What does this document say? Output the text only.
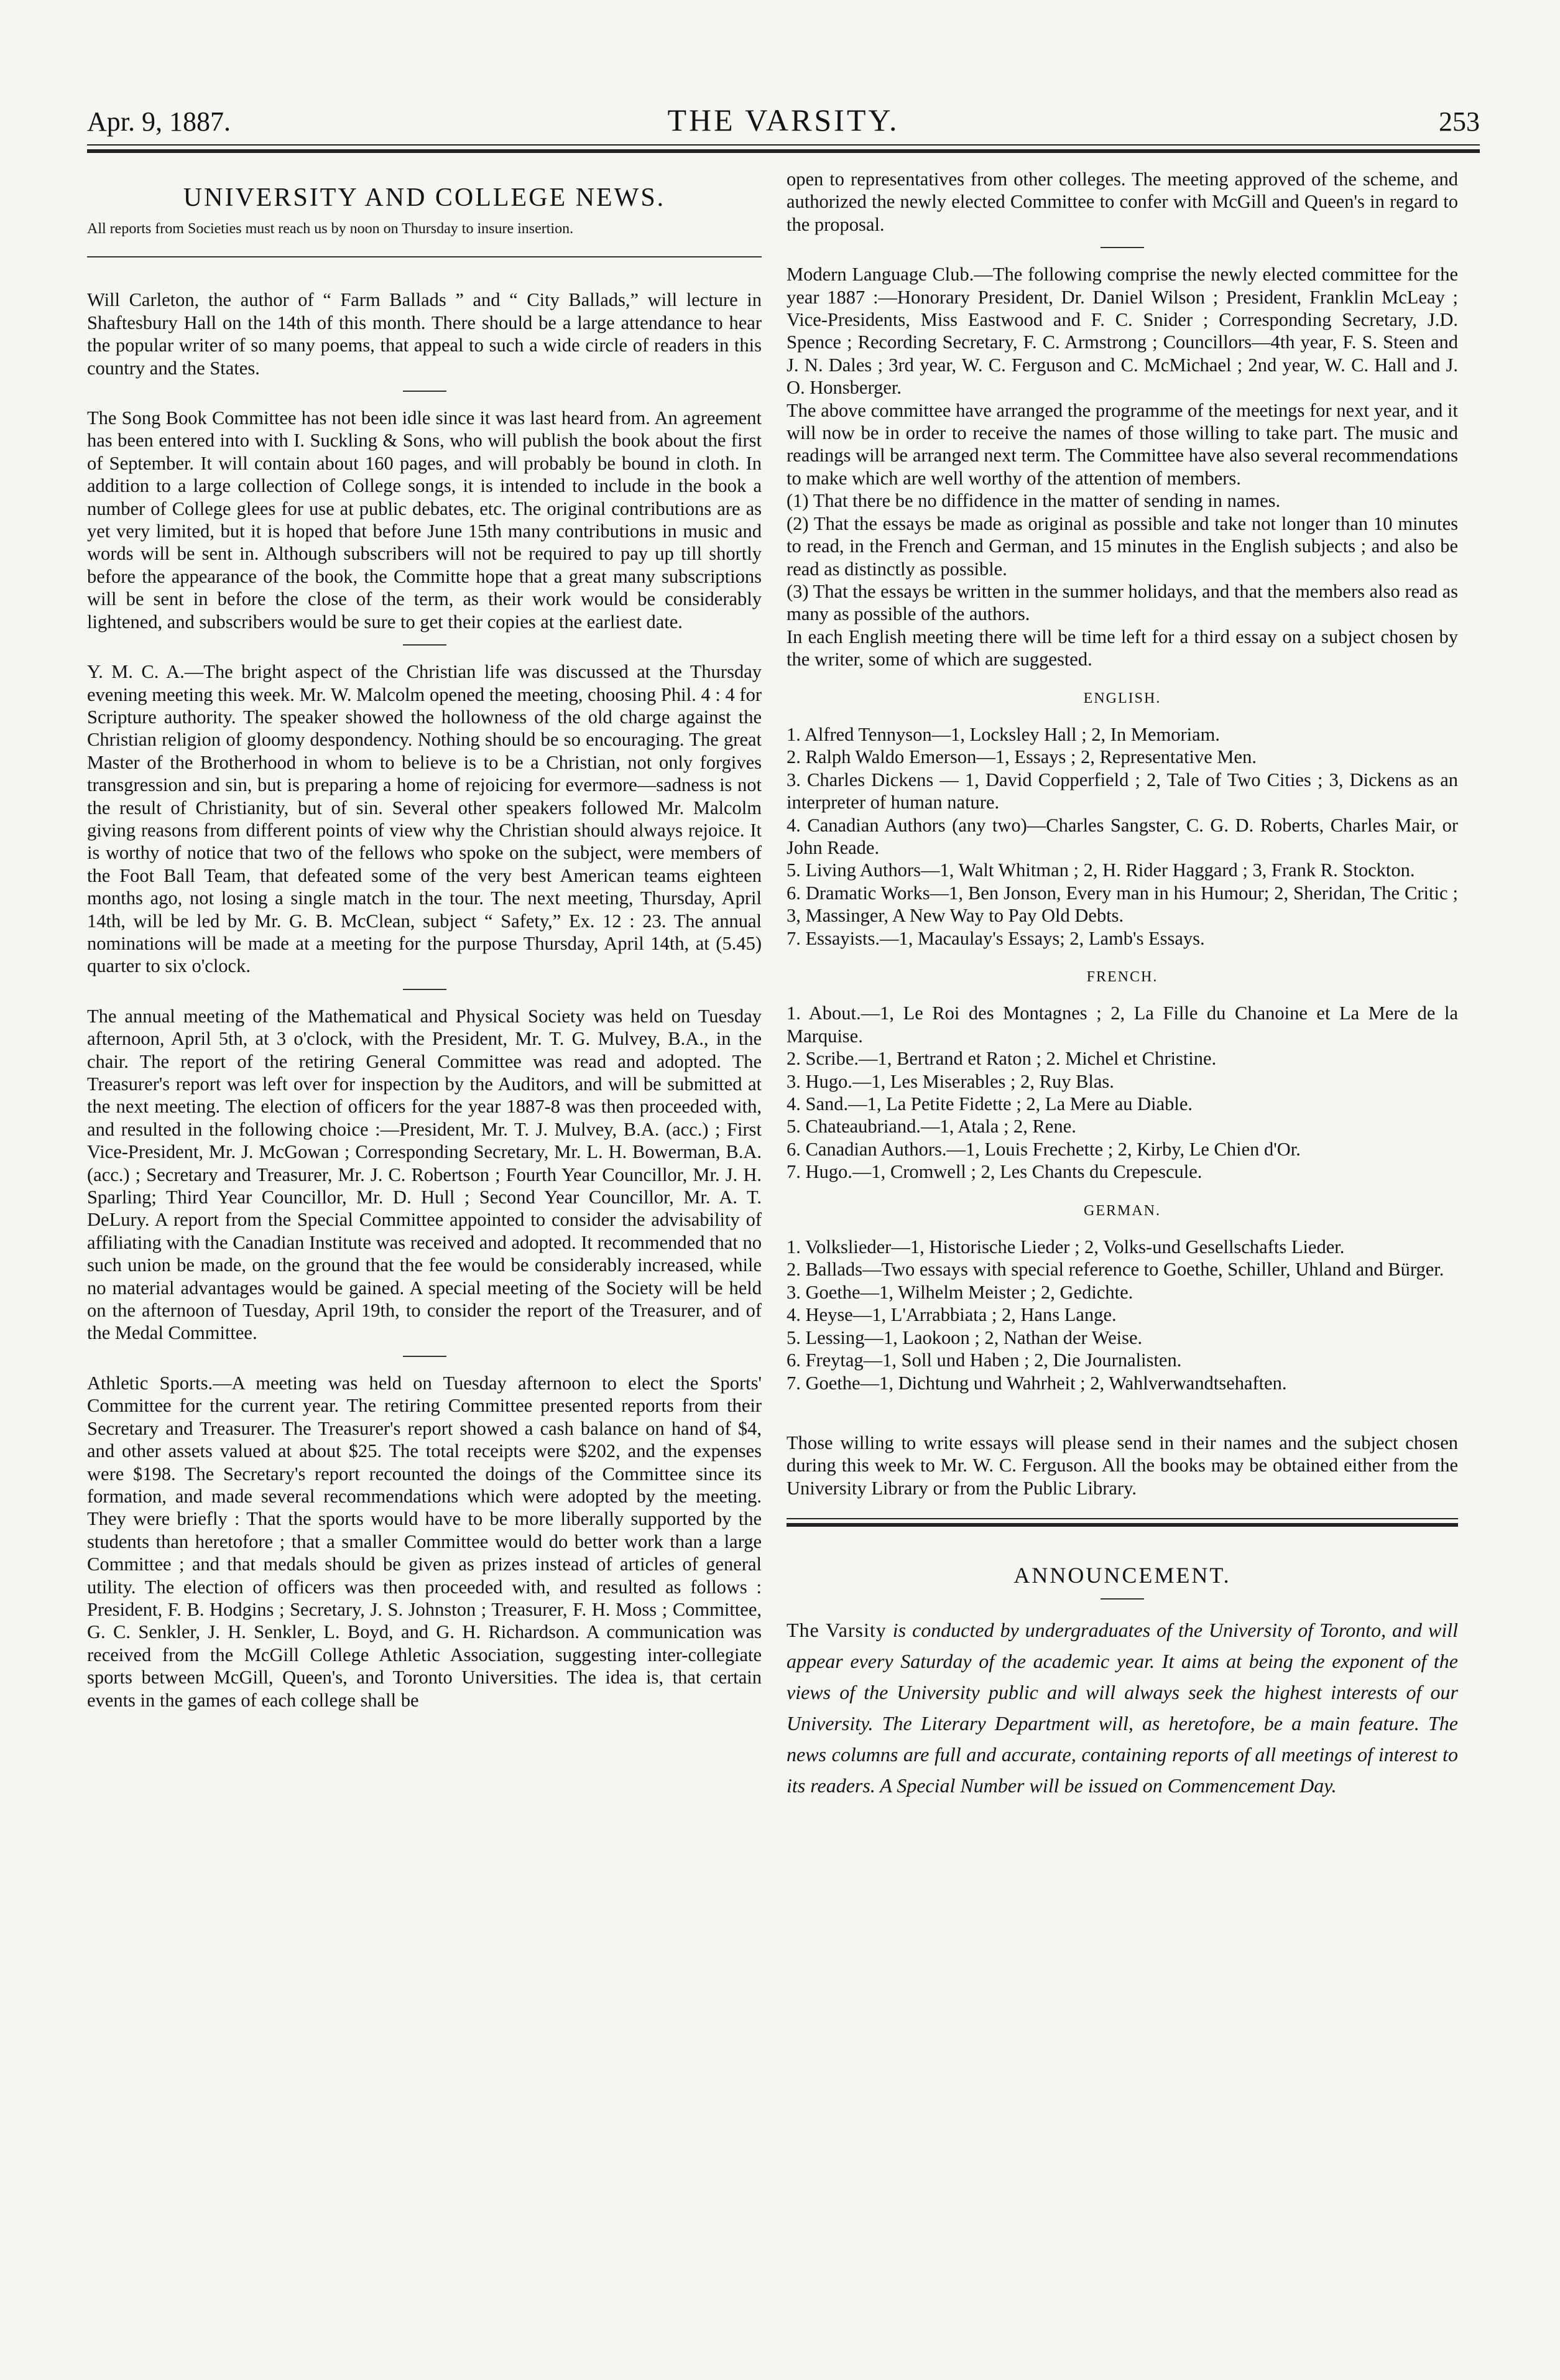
Apr. 9, 1887.	THE VARSITY.	253
UNIVERSITY AND COLLEGE NEWS.

All reports from Societies must reach us by noon on Thursday to insure insertion.

Will Carleton, the author of “ Farm Ballads ” and “ City Ballads,” will lecture in Shaftesbury Hall on the 14th of this month. There should be a large attendance to hear the popular writer of so many poems, that appeal to such a wide circle of readers in this country and the States.

The Song Book Committee has not been idle since it was last heard from. An agreement has been entered into with I. Suckling & Sons, who will publish the book about the first of September. It will contain about 160 pages, and will probably be bound in cloth. In addition to a large collection of College songs, it is intended to include in the book a number of College glees for use at public debates, etc. The original contributions are as yet very limited, but it is hoped that before June 15th many contributions in music and words will be sent in. Although subscribers will not be required to pay up till shortly before the appearance of the book, the Committe hope that a great many subscriptions will be sent in before the close of the term, as their work would be considerably lightened, and subscribers would be sure to get their copies at the earliest date.

Y. M. C. A.—The bright aspect of the Christian life was discussed at the Thursday evening meeting this week. Mr. W. Malcolm opened the meeting, choosing Phil. 4 : 4 for Scripture authority. The speaker showed the hollowness of the old charge against the Christian religion of gloomy despondency. Nothing should be so encouraging. The great Master of the Brotherhood in whom to believe is to be a Christian, not only forgives transgression and sin, but is preparing a home of rejoicing for evermore—sadness is not the result of Christianity, but of sin. Several other speakers followed Mr. Malcolm giving reasons from different points of view why the Christian should always rejoice. It is worthy of notice that two of the fellows who spoke on the subject, were members of the Foot Ball Team, that defeated some of the very best American teams eighteen months ago, not losing a single match in the tour. The next meeting, Thursday, April 14th, will be led by Mr. G. B. McClean, subject “ Safety,” Ex. 12 : 23. The annual nominations will be made at a meeting for the purpose Thursday, April 14th, at (5.45) quarter to six o'clock.

The annual meeting of the Mathematical and Physical Society was held on Tuesday afternoon, April 5th, at 3 o'clock, with the President, Mr. T. G. Mulvey, B.A., in the chair. The report of the retiring General Committee was read and adopted. The Treasurer's report was left over for inspection by the Auditors, and will be submitted at the next meeting. The election of officers for the year 1887-8 was then proceeded with, and resulted in the following choice :—President, Mr. T. J. Mulvey, B.A. (acc.) ; First Vice-President, Mr. J. McGowan ; Corresponding Secretary, Mr. L. H. Bowerman, B.A. (acc.) ; Secretary and Treasurer, Mr. J. C. Robertson ; Fourth Year Councillor, Mr. J. H. Sparling; Third Year Councillor, Mr. D. Hull ; Second Year Councillor, Mr. A. T. DeLury. A report from the Special Committee appointed to consider the advisability of affiliating with the Canadian Institute was received and adopted. It recommended that no such union be made, on the ground that the fee would be considerably increased, while no material advantages would be gained. A special meeting of the Society will be held on the afternoon of Tuesday, April 19th, to consider the report of the Treasurer, and of the Medal Committee.

Athletic Sports.—A meeting was held on Tuesday afternoon to elect the Sports' Committee for the current year. The retiring Committee presented reports from their Secretary and Treasurer. The Treasurer's report showed a cash balance on hand of $4, and other assets valued at about $25. The total receipts were $202, and the expenses were $198. The Secretary's report recounted the doings of the Committee since its formation, and made several recommendations which were adopted by the meeting. They were briefly : That the sports would have to be more liberally supported by the students than heretofore ; that a smaller Committee would do better work than a large Committee ; and that medals should be given as prizes instead of articles of general utility. The election of officers was then proceeded with, and resulted as follows : President, F. B. Hodgins ; Secretary, J. S. Johnston ; Treasurer, F. H. Moss ; Committee, G. C. Senkler, J. H. Senkler, L. Boyd, and G. H. Richardson. A communication was received from the McGill College Athletic Association, suggesting inter-collegiate sports between McGill, Queen's, and Toronto Universities. The idea is, that certain events in the games of each college shall be

open to representatives from other colleges. The meeting approved of the scheme, and authorized the newly elected Committee to confer with McGill and Queen's in regard to the proposal.

Modern Language Club.—The following comprise the newly elected committee for the year 1887 :—Honorary President, Dr. Daniel Wilson ; President, Franklin McLeay ; Vice-Presidents, Miss Eastwood and F. C. Snider ; Corresponding Secretary, J.D. Spence ; Recording Secretary, F. C. Armstrong ; Councillors—4th year, F. S. Steen and J. N. Dales ; 3rd year, W. C. Ferguson and C. McMichael ; 2nd year, W. C. Hall and J. O. Honsberger.

The above committee have arranged the programme of the meetings for next year, and it will now be in order to receive the names of those willing to take part. The music and readings will be arranged next term. The Committee have also several recommendations to make which are well worthy of the attention of members.

(1) That there be no diffidence in the matter of sending in names.

(2) That the essays be made as original as possible and take not longer than 10 minutes to read, in the French and German, and 15 minutes in the English subjects ; and also be read as distinctly as possible.

(3) That the essays be written in the summer holidays, and that the members also read as many as possible of the authors.

In each English meeting there will be time left for a third essay on a subject chosen by the writer, some of which are suggested.

ENGLISH.

1. Alfred Tennyson—1, Locksley Hall ; 2, In Memoriam.

2. Ralph Waldo Emerson—1, Essays ; 2, Representative Men.

3. Charles Dickens — 1, David Copperfield ; 2, Tale of Two Cities ; 3, Dickens as an interpreter of human nature.

4. Canadian Authors (any two)—Charles Sangster, C. G. D. Roberts, Charles Mair, or John Reade.

5. Living Authors—1, Walt Whitman ; 2, H. Rider Haggard ; 3, Frank R. Stockton.

6. Dramatic Works—1, Ben Jonson, Every man in his Humour; 2, Sheridan, The Critic ; 3, Massinger, A New Way to Pay Old Debts.

7. Essayists.—1, Macaulay's Essays; 2, Lamb's Essays.

FRENCH.

1. About.—1, Le Roi des Montagnes ; 2, La Fille du Chanoine et La Mere de la Marquise.

2. Scribe.—1, Bertrand et Raton ; 2. Michel et Christine.

3. Hugo.—1, Les Miserables ; 2, Ruy Blas.

4. Sand.—1, La Petite Fidette ; 2, La Mere au Diable.

5. Chateaubriand.—1, Atala ; 2, Rene.

6. Canadian Authors.—1, Louis Frechette ; 2, Kirby, Le Chien d'Or.

7. Hugo.—1, Cromwell ; 2, Les Chants du Crepescule.

GERMAN.

1. Volkslieder—1, Historische Lieder ; 2, Volks-und Gesellschafts Lieder.

2. Ballads—Two essays with special reference to Goethe, Schiller, Uhland and Bürger.

3. Goethe—1, Wilhelm Meister ; 2, Gedichte.

4. Heyse—1, L'Arrabbiata ; 2, Hans Lange.

5. Lessing—1, Laokoon ; 2, Nathan der Weise.

6. Freytag—1, Soll und Haben ; 2, Die Journalisten.

7. Goethe—1, Dichtung und Wahrheit ; 2, Wahlverwandtsehaften.

Those willing to write essays will please send in their names and the subject chosen during this week to Mr. W. C. Ferguson. All the books may be obtained either from the University Library or from the Public Library.

ANNOUNCEMENT.

The Varsity is conducted by undergraduates of the University of Toronto, and will appear every Saturday of the academic year. It aims at being the exponent of the views of the University public and will always seek the highest interests of our University. The Literary Department will, as heretofore, be a main feature. The news columns are full and accurate, containing reports of all meetings of interest to its readers. A Special Number will be issued on Commencement Day.
